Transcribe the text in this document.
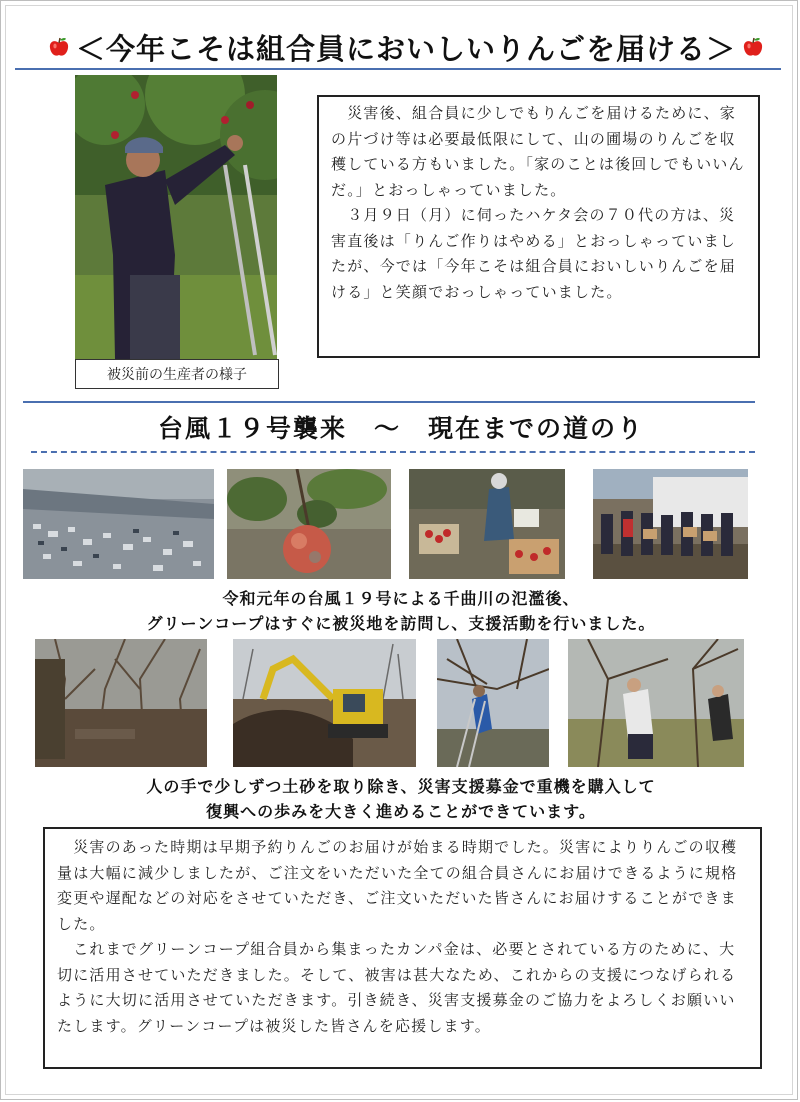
＜今年こそは組合員においしいりんごを届ける＞
被災前の生産者の様子

　災害後、組合員に少しでもりんごを届けるために、家の片づけ等は必要最低限にして、山の圃場のりんごを収穫している方もいました。「家のことは後回しでもいいんだ。」とおっしゃっていました。

　３月９日（月）に伺ったハケタ会の７０代の方は、災害直後は「りんご作りはやめる」とおっしゃっていましたが、今では「今年こそは組合員においしいりんごを届ける」と笑顔でおっしゃっていました。

台風１９号襲来　～　現在までの道のり
令和元年の台風１９号による千曲川の氾濫後、
グリーンコープはすぐに被災地を訪問し、支援活動を行いました。
人の手で少しずつ土砂を取り除き、災害支援募金で重機を購入して
復興への歩みを大きく進めることができています。

　災害のあった時期は早期予約りんごのお届けが始まる時期でした。災害によりりんごの収穫量は大幅に減少しましたが、ご注文をいただいた全ての組合員さんにお届けできるように規格変更や遅配などの対応をさせていただき、ご注文いただいた皆さんにお届けすることができました。

　これまでグリーンコープ組合員から集まったカンパ金は、必要とされている方のために、大切に活用させていただきました。そして、被害は甚大なため、これからの支援につなげられるように大切に活用させていただきます。引き続き、災害支援募金のご協力をよろしくお願いいたします。グリーンコープは被災した皆さんを応援します。
